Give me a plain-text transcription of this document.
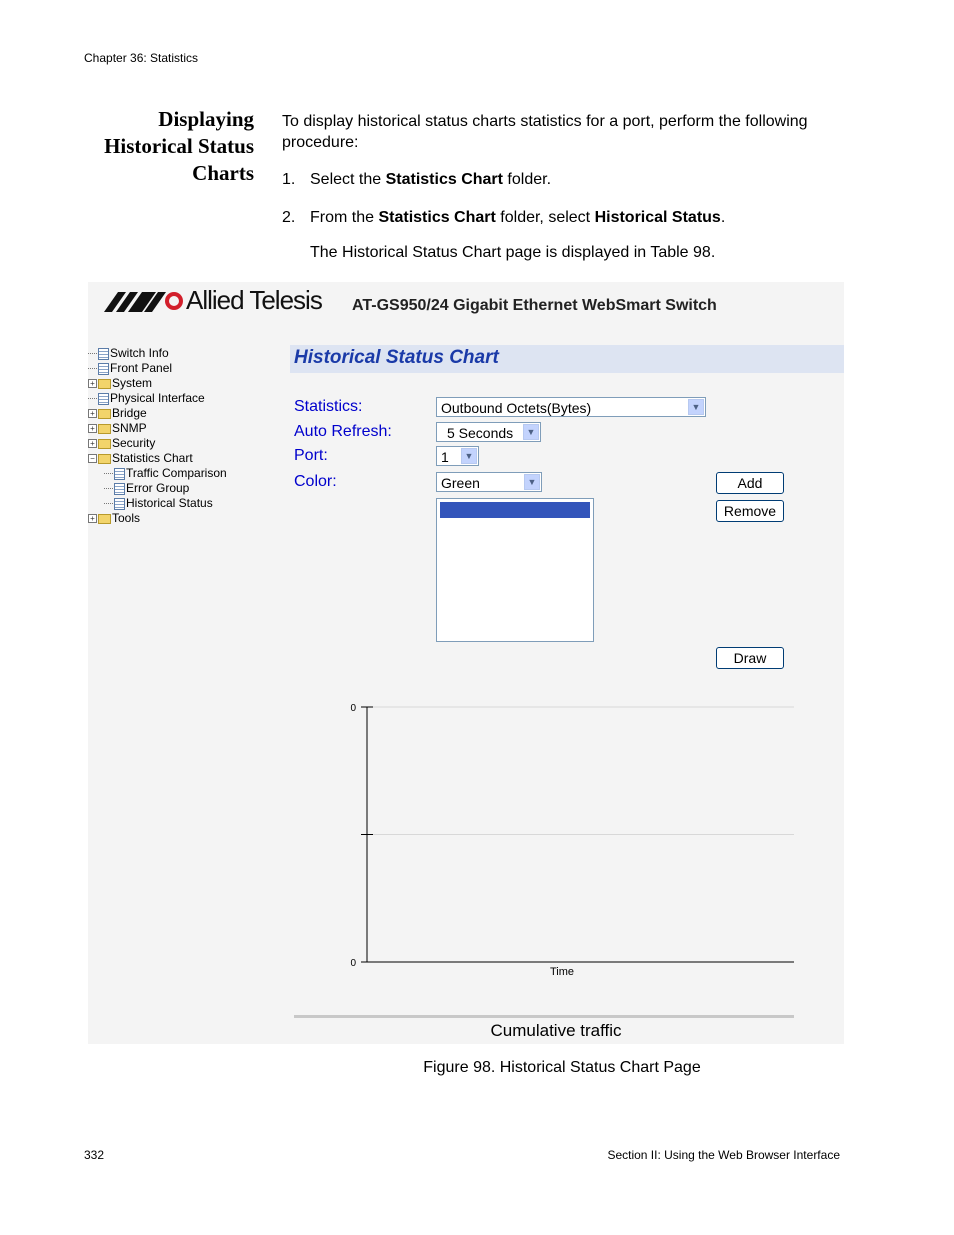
Chapter 36: Statistics
Displaying
Historical Status
Charts
To display historical status charts statistics for a port, perform the following procedure:
1. Select the Statistics Chart folder.
2. From the Statistics Chart folder, select Historical Status.
The Historical Status Chart page is displayed in Table 98.
Allied Telesis AT-GS950/24 Gigabit Ethernet WebSmart Switch
Switch Info
Front Panel
+ System
Physical Interface
+ Bridge
+ SNMP
+ Security
− Statistics Chart
Traffic Comparison
Error Group
Historical Status
+ Tools
Historical Status Chart
Statistics:	Outbound Octets(Bytes)	▼
Auto Refresh:	5 Seconds	▼
Port:	1	▼
Color:	Green	▼	Add
Remove
Draw
0
0
Time
Cumulative traffic
Figure 98. Historical Status Chart Page
332	Section II: Using the Web Browser Interface
